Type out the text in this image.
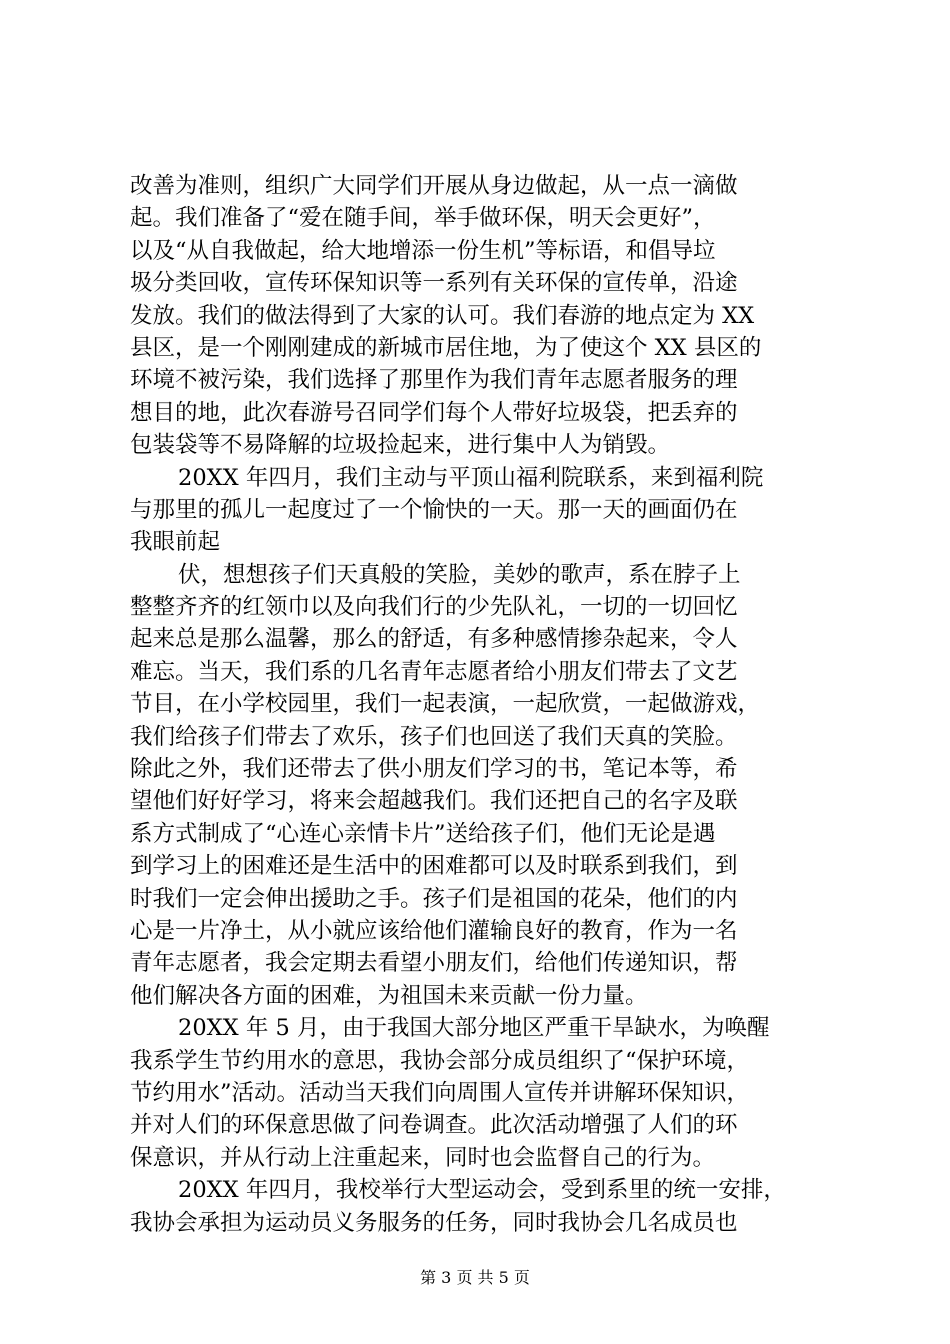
改善为准则，组织广大同学们开展从身边做起，从一点一滴做
起。我们准备了“爱在随手间，举手做环保，明天会更好”，
以及“从自我做起，给大地增添一份生机”等标语，和倡导垃
圾分类回收，宣传环保知识等一系列有关环保的宣传单，沿途
发放。我们的做法得到了大家的认可。我们春游的地点定为 XX
县区，是一个刚刚建成的新城市居住地，为了使这个 XX 县区的
环境不被污染，我们选择了那里作为我们青年志愿者服务的理
想目的地，此次春游号召同学们每个人带好垃圾袋，把丢弃的
包装袋等不易降解的垃圾捡起来，进行集中人为销毁。
20XX 年四月，我们主动与平顶山福利院联系，来到福利院
与那里的孤儿一起度过了一个愉快的一天。那一天的画面仍在
我眼前起
伏，想想孩子们天真般的笑脸，美妙的歌声，系在脖子上
整整齐齐的红领巾以及向我们行的少先队礼，一切的一切回忆
起来总是那么温馨，那么的舒适，有多种感情掺杂起来，令人
难忘。当天，我们系的几名青年志愿者给小朋友们带去了文艺
节目，在小学校园里，我们一起表演，一起欣赏，一起做游戏，
我们给孩子们带去了欢乐，孩子们也回送了我们天真的笑脸。
除此之外，我们还带去了供小朋友们学习的书，笔记本等，希
望他们好好学习，将来会超越我们。我们还把自己的名字及联
系方式制成了“心连心亲情卡片”送给孩子们，他们无论是遇
到学习上的困难还是生活中的困难都可以及时联系到我们，到
时我们一定会伸出援助之手。孩子们是祖国的花朵，他们的内
心是一片净土，从小就应该给他们灌输良好的教育，作为一名
青年志愿者，我会定期去看望小朋友们，给他们传递知识，帮
他们解决各方面的困难，为祖国未来贡献一份力量。
20XX 年 5 月，由于我国大部分地区严重干旱缺水，为唤醒
我系学生节约用水的意思，我协会部分成员组织了“保护环境，
节约用水”活动。活动当天我们向周围人宣传并讲解环保知识，
并对人们的环保意思做了问卷调查。此次活动增强了人们的环
保意识，并从行动上注重起来，同时也会监督自己的行为。
20XX 年四月，我校举行大型运动会，受到系里的统一安排，
我协会承担为运动员义务服务的任务，同时我协会几名成员也
第 3 页 共 5 页
